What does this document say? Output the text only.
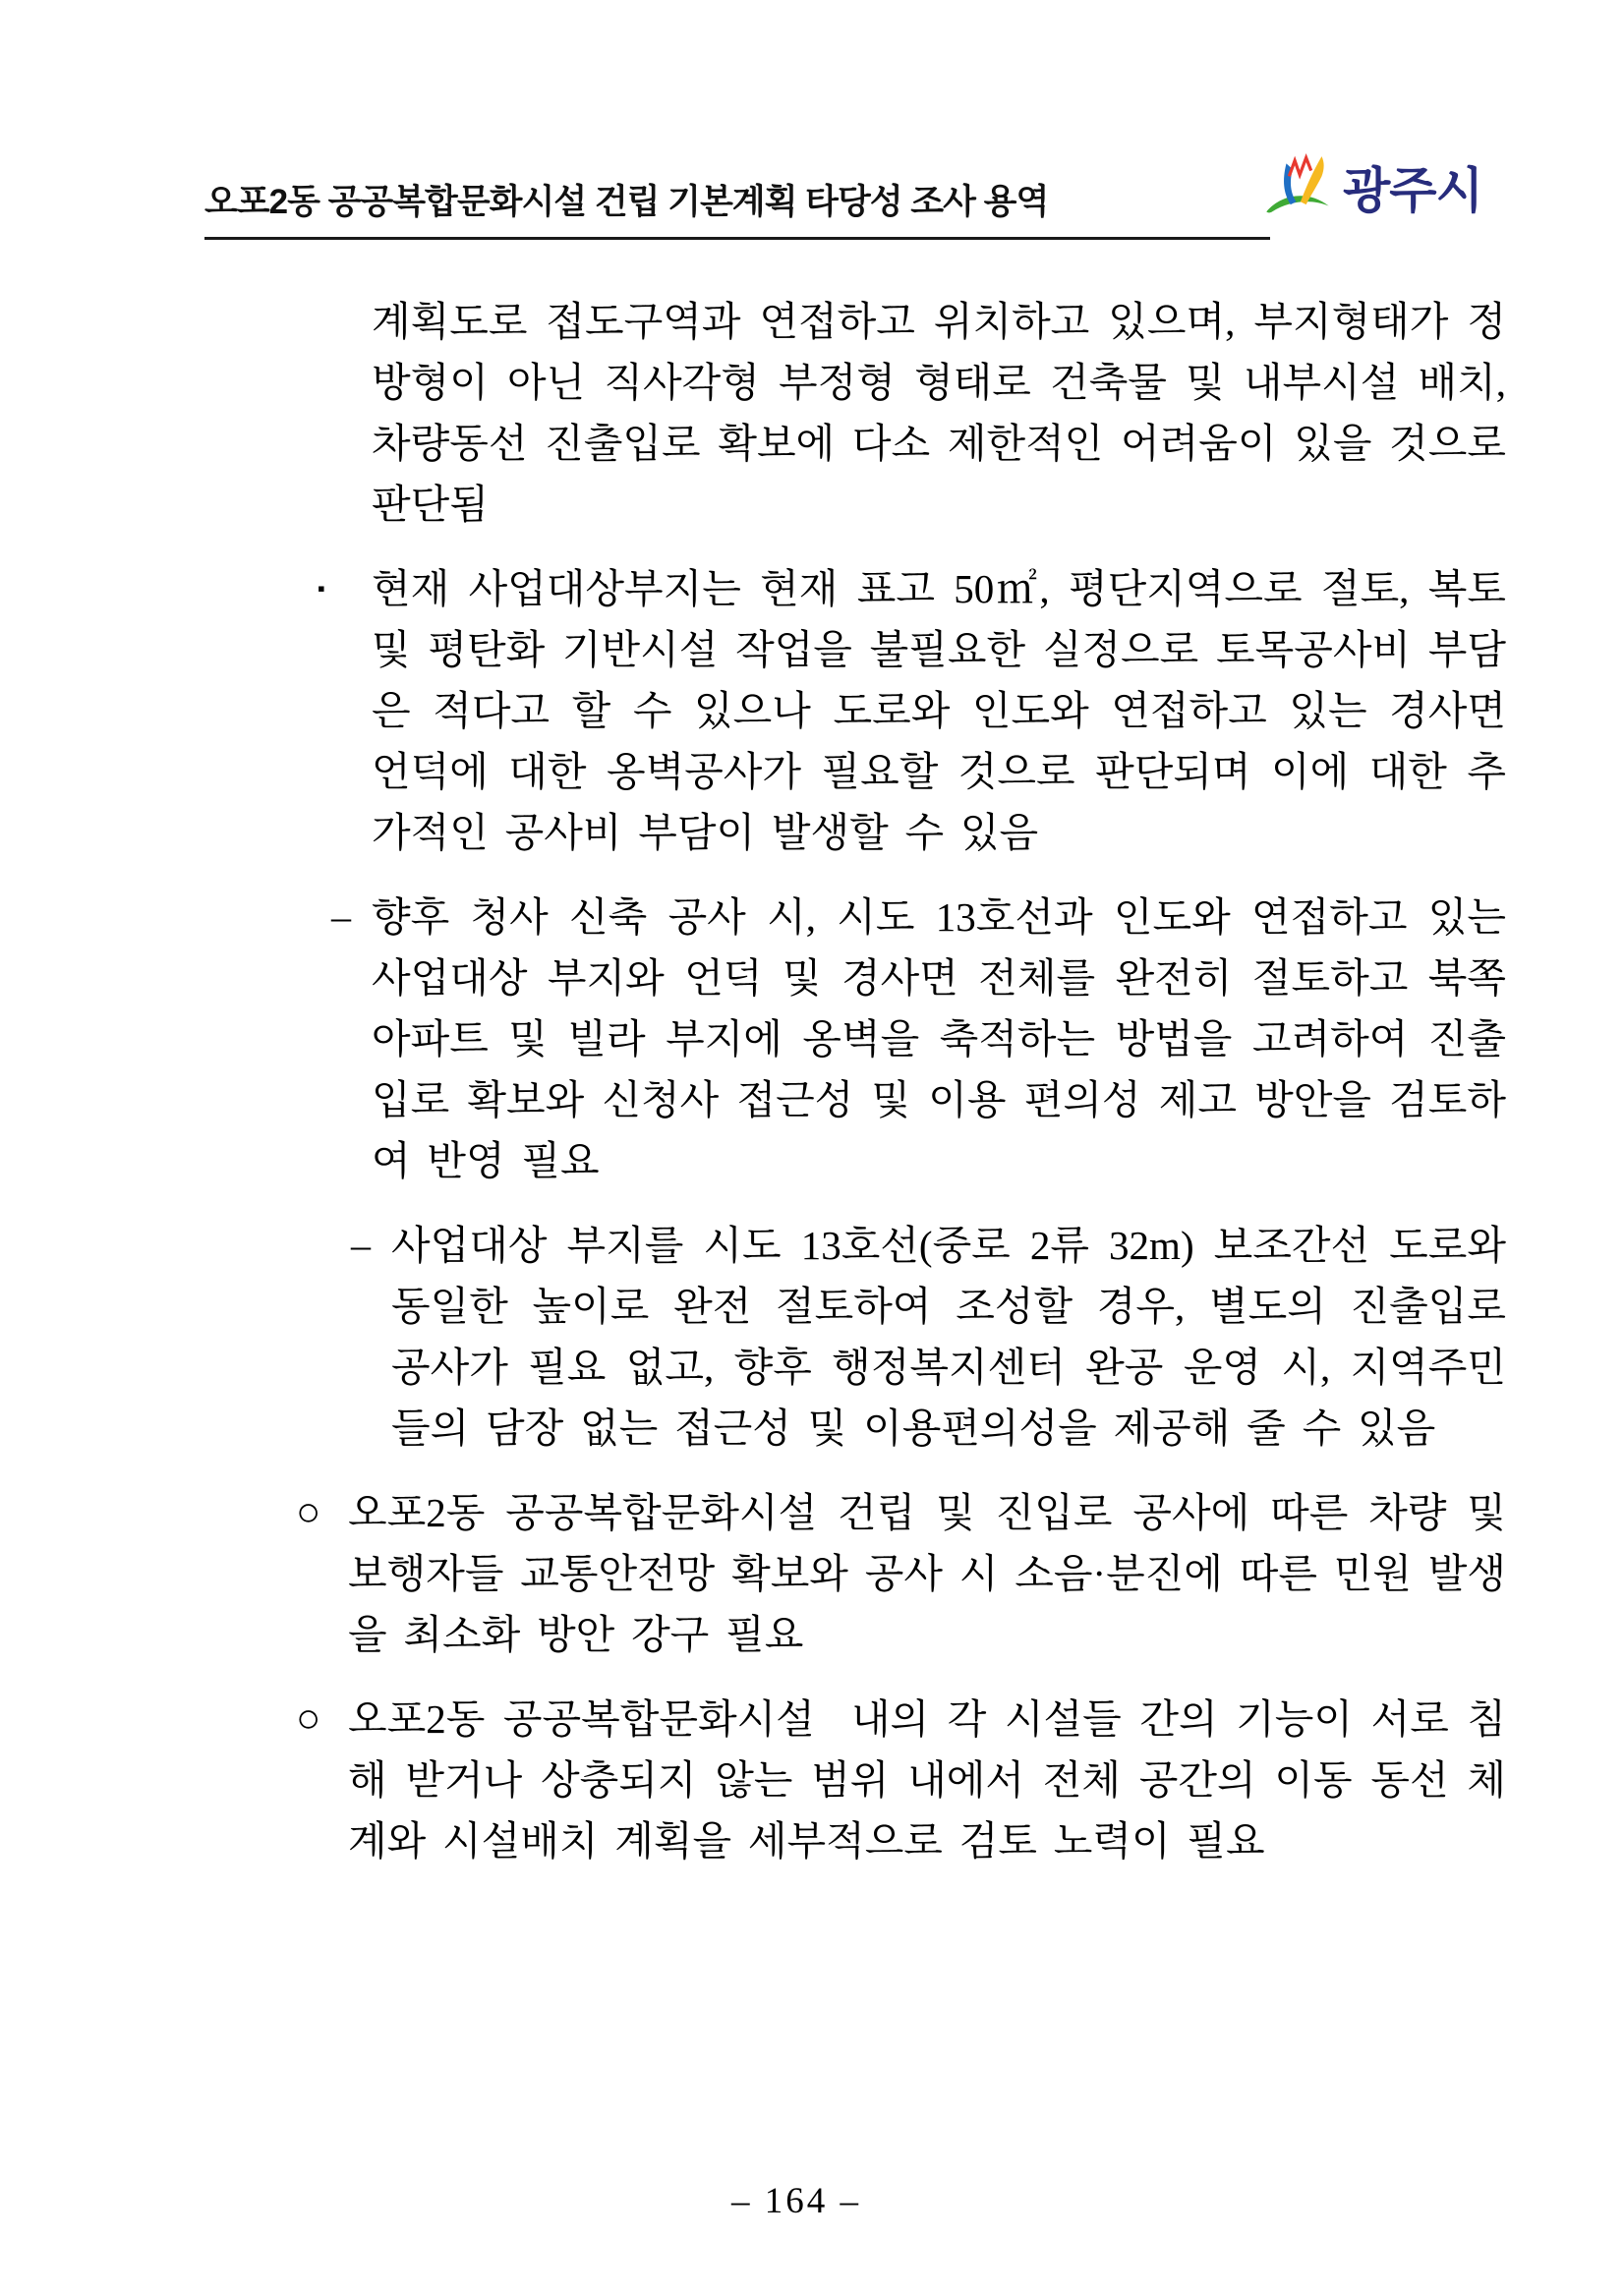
오포2동 공공복합문화시설 건립 기본계획 타당성 조사 용역	광주시
계획도로 접도구역과 연접하고 위치하고 있으며, 부지형태가 정방형이 아닌 직사각형 부정형 형태로 건축물 및 내부시설 배치, 차량동선 진출입로 확보에 다소 제한적인 어려움이 있을 것으로 판단됨
▪	현재 사업대상부지는 현재 표고 50㎡, 평단지역으로 절토, 복토 및 평탄화 기반시설 작업을 불필요한 실정으로 토목공사비 부담은 적다고 할 수 있으나 도로와 인도와 연접하고 있는 경사면 언덕에 대한 옹벽공사가 필요할 것으로 판단되며 이에 대한 추가적인 공사비 부담이 발생할 수 있음
– 향후 청사 신축 공사 시, 시도 13호선과 인도와 연접하고 있는 사업대상 부지와 언덕 및 경사면 전체를 완전히 절토하고 북쪽 아파트 및 빌라 부지에 옹벽을 축적하는 방법을 고려하여 진출입로 확보와 신청사 접근성 및 이용 편의성 제고 방안을 검토하여 반영 필요
– 사업대상 부지를 시도 13호선(중로 2류 32m) 보조간선 도로와 동일한 높이로 완전 절토하여 조성할 경우, 별도의 진출입로 공사가 필요 없고, 향후 행정복지센터 완공 운영 시, 지역주민들의 담장 없는 접근성 및 이용편의성을 제공해 줄 수 있음
○ 오포2동 공공복합문화시설 건립 및 진입로 공사에 따른 차량 및 보행자들 교통안전망 확보와 공사 시 소음·분진에 따른 민원 발생을 최소화 방안 강구 필요
○ 오포2동 공공복합문화시설  내의 각 시설들 간의 기능이 서로 침해 받거나 상충되지 않는 범위 내에서 전체 공간의 이동 동선 체계와 시설배치 계획을 세부적으로 검토 노력이 필요
– 164 –
